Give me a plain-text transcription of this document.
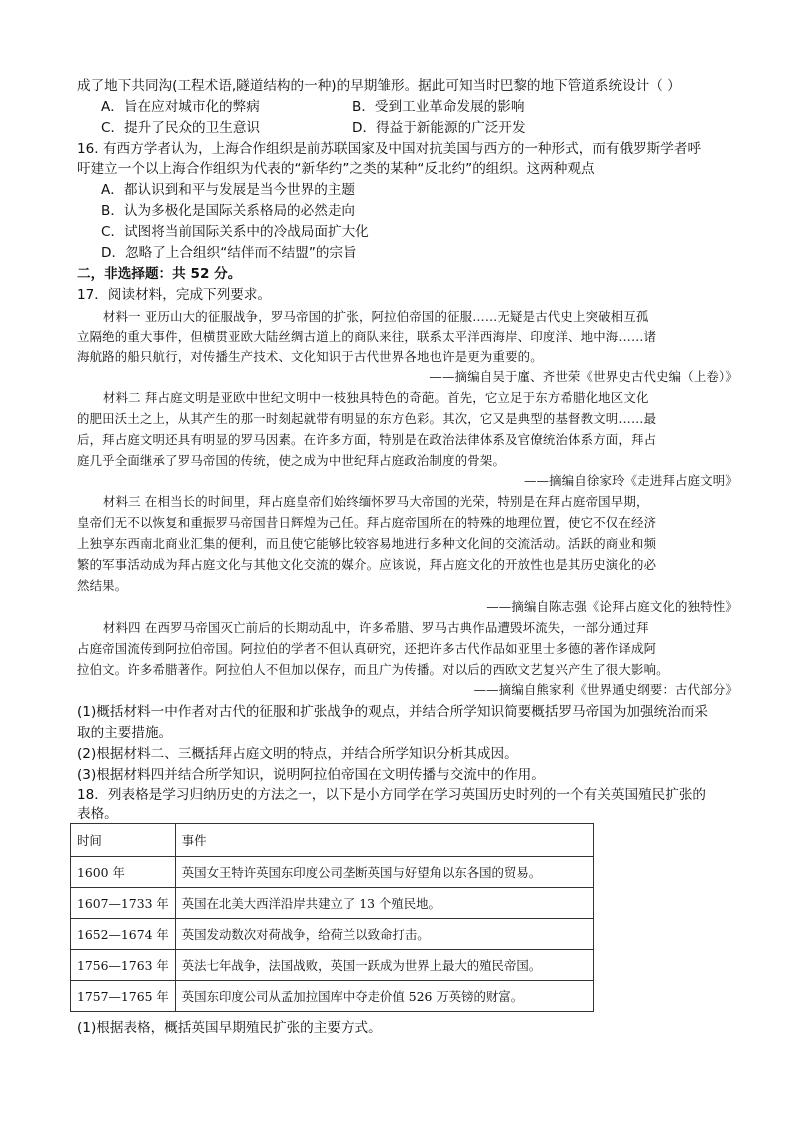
成了地下共同沟(工程术语,隧道结构的一种)的早期雏形。据此可知当时巴黎的地下管道系统设计（ ）
A．旨在应对城市化的弊病	B．受到工业革命发展的影响
C．提升了民众的卫生意识	D．得益于新能源的广泛开发
16. 有西方学者认为，上海合作组织是前苏联国家及中国对抗美国与西方的一种形式，而有俄罗斯学者呼
吁建立一个以上海合作组织为代表的“新华约”之类的某种“反北约”的组织。这两种观点
A．都认识到和平与发展是当今世界的主题
B．认为多极化是国际关系格局的必然走向
C．试图将当前国际关系中的冷战局面扩大化
D．忽略了上合组织“结伴而不结盟”的宗旨
二，非选择题：共 52 分。
17．阅读材料，完成下列要求。
材料一 亚历山大的征服战争，罗马帝国的扩张，阿拉伯帝国的征服……无疑是古代史上突破相互孤
立隔绝的重大事件，但横贯亚欧大陆丝绸古道上的商队来往，联系太平洋西海岸、印度洋、地中海……诸
海航路的船只航行，对传播生产技术、文化知识于古代世界各地也许是更为重要的。
——摘编自吴于廑、齐世荣《世界史古代史编（上卷）》
材料二 拜占庭文明是亚欧中世纪文明中一枝独具特色的奇葩。首先，它立足于东方希腊化地区文化
的肥田沃土之上，从其产生的那一时刻起就带有明显的东方色彩。其次，它又是典型的基督教文明……最
后，拜占庭文明还具有明显的罗马因素。在许多方面，特别是在政治法律体系及官僚统治体系方面，拜占
庭几乎全面继承了罗马帝国的传统，使之成为中世纪拜占庭政治制度的骨架。
——摘编自徐家玲《走进拜占庭文明》
材料三 在相当长的时间里，拜占庭皇帝们始终缅怀罗马大帝国的光荣，特别是在拜占庭帝国早期，
皇帝们无不以恢复和重振罗马帝国昔日辉煌为己任。拜占庭帝国所在的特殊的地理位置，使它不仅在经济
上独享东西南北商业汇集的便利，而且使它能够比较容易地进行多种文化间的交流活动。活跃的商业和频
繁的军事活动成为拜占庭文化与其他文化交流的媒介。应该说，拜占庭文化的开放性也是其历史演化的必
然结果。
——摘编自陈志强《论拜占庭文化的独特性》
材料四 在西罗马帝国灭亡前后的长期动乱中，许多希腊、罗马古典作品遭毁坏流失，一部分通过拜
占庭帝国流传到阿拉伯帝国。阿拉伯的学者不但认真研究，还把许多古代作品如亚里士多德的著作译成阿
拉伯文。许多希腊著作。阿拉伯人不但加以保存，而且广为传播。对以后的西欧文艺复兴产生了很大影响。
——摘编自熊家利《世界通史纲要：古代部分》
(1)概括材料一中作者对古代的征服和扩张战争的观点，并结合所学知识简要概括罗马帝国为加强统治而采
取的主要措施。
(2)根据材料二、三概括拜占庭文明的特点，并结合所学知识分析其成因。
(3)根据材料四并结合所学知识，说明阿拉伯帝国在文明传播与交流中的作用。
18．列表格是学习归纳历史的方法之一，以下是小方同学在学习英国历史时列的一个有关英国殖民扩张的
表格。
时间	事件
1600 年	英国女王特许英国东印度公司垄断英国与好望角以东各国的贸易。
1607—1733 年	英国在北美大西洋沿岸共建立了 13 个殖民地。
1652—1674 年	英国发动数次对荷战争，给荷兰以致命打击。
1756—1763 年	英法七年战争，法国战败，英国一跃成为世界上最大的殖民帝国。
1757—1765 年	英国东印度公司从孟加拉国库中夺走价值 526 万英镑的财富。
(1)根据表格，概括英国早期殖民扩张的主要方式。
